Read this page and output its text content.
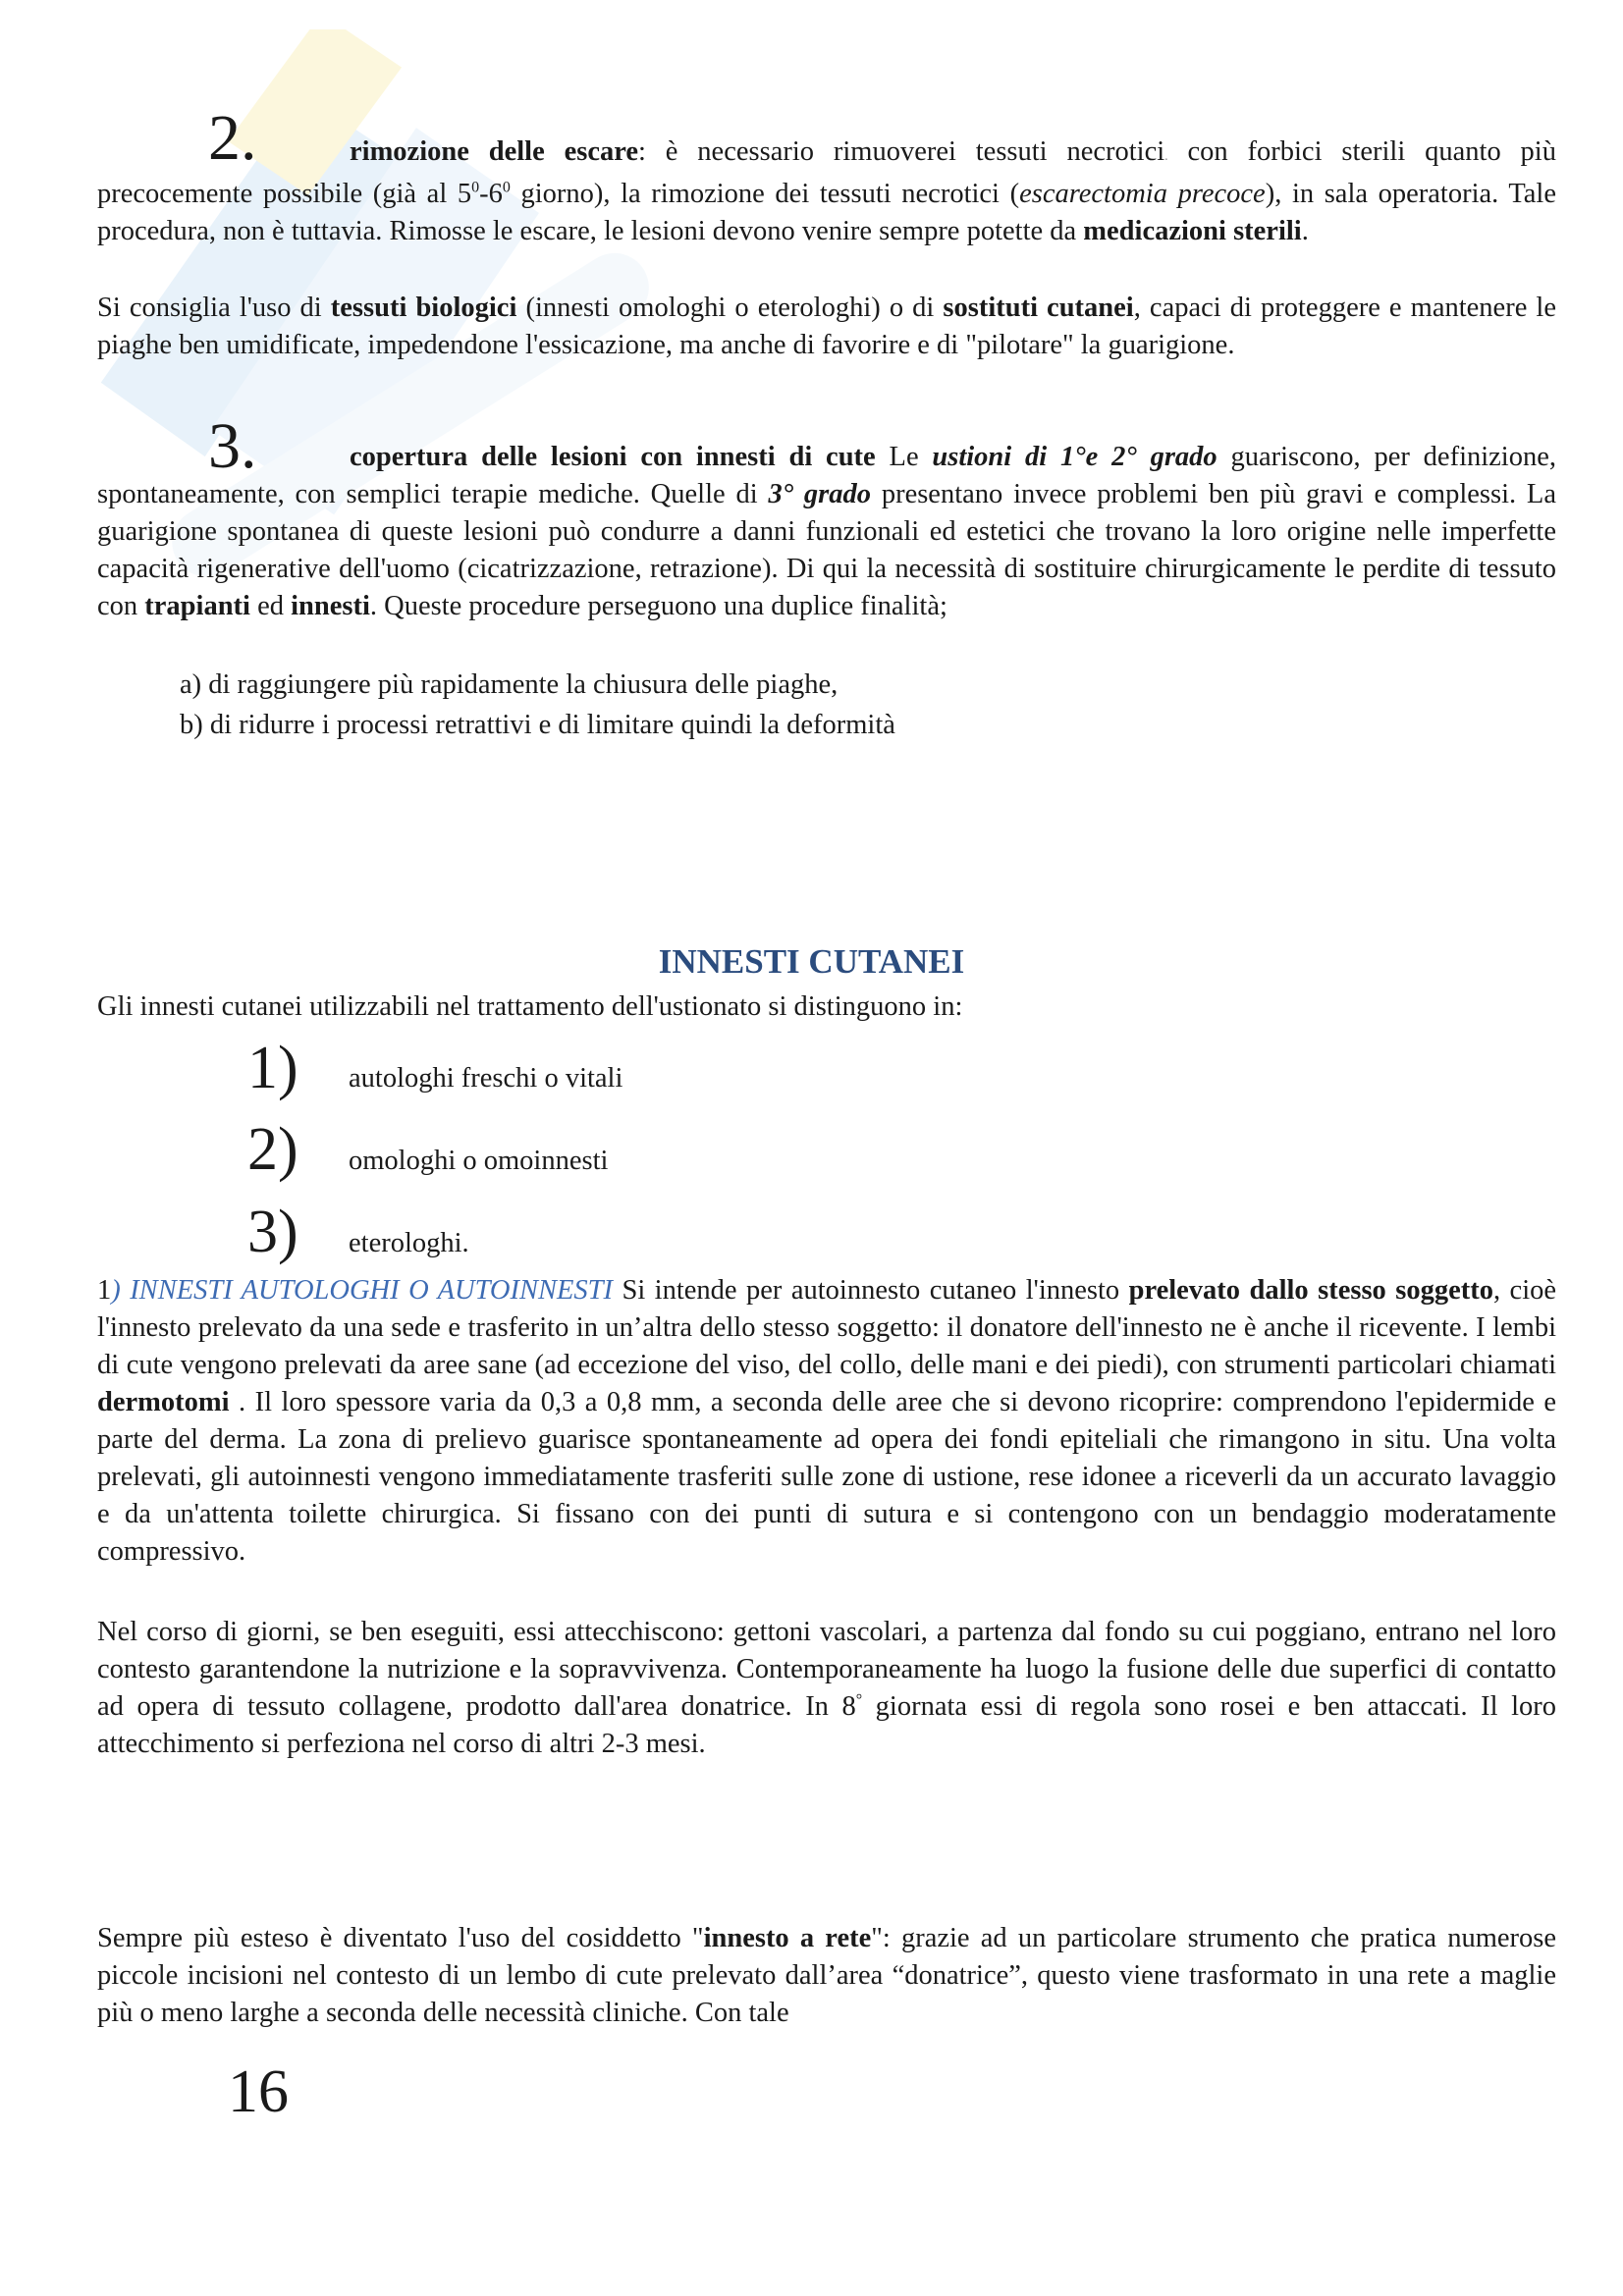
2.	rimozione delle escare: è necessario rimuoverei tessuti necrotici. con forbici sterili quanto più precocemente possibile (già al $5^0-6^0$ giorno), la rimozione dei tessuti necrotici (escarectomia precoce), in sala operatoria. Tale procedura, non è tuttavia. Rimosse le escare, le lesioni devono venire sempre potette da medicazioni sterili.
Si consiglia l'uso di tessuti biologici (innesti omologhi o eterologhi) o di sostituti cutanei, capaci di proteggere e mantenere le piaghe ben umidificate, impedendone l'essicazione, ma anche di favorire e di "pilotare" la guarigione.
3.	copertura delle lesioni con innesti di cute Le ustioni di 1°e 2° grado guariscono, per definizione, spontaneamente, con semplici terapie mediche. Quelle di 3° grado presentano invece problemi ben più gravi e complessi. La guarigione spontanea di queste lesioni può condurre a danni funzionali ed estetici che trovano la loro origine nelle imperfette capacità rigenerative dell'uomo (cicatrizzazione, retrazione). Di qui la necessità di sostituire chirurgicamente le perdite di tessuto con trapianti ed innesti. Queste procedure perseguono una duplice finalità;
a) di raggiungere più rapidamente la chiusura delle piaghe,
b) di ridurre i processi retrattivi e di limitare quindi la deformità
INNESTI CUTANEI
Gli innesti cutanei utilizzabili nel trattamento dell'ustionato si distinguono in:
1) autologhi freschi o vitali
2) omologhi o omoinnesti
3) eterologhi.
1) INNESTI AUTOLOGHI O AUTOINNESTI Si intende per autoinnesto cutaneo l'innesto prelevato dallo stesso soggetto, cioè l'innesto prelevato da una sede e trasferito in un’altra dello stesso soggetto: il donatore dell'innesto ne è anche il ricevente. I lembi di cute vengono prelevati da aree sane (ad eccezione del viso, del collo, delle mani e dei piedi), con strumenti particolari chiamati dermotomi . Il loro spessore varia da 0,3 a 0,8 mm, a seconda delle aree che si devono ricoprire: comprendono l'epidermide e parte del derma. La zona di prelievo guarisce spontaneamente ad opera dei fondi epiteliali che rimangono in situ. Una volta prelevati, gli autoinnesti vengono immediatamente trasferiti sulle zone di ustione, rese idonee a riceverli da un accurato lavaggio e da un'attenta toilette chirurgica. Si fissano con dei punti di sutura e si contengono con un bendaggio moderatamente compressivo.
Nel corso di giorni, se ben eseguiti, essi attecchiscono: gettoni vascolari, a partenza dal fondo su cui poggiano, entrano nel loro contesto garantendone la nutrizione e la sopravvivenza. Contemporaneamente ha luogo la fusione delle due superfici di contatto ad opera di tessuto collagene, prodotto dall'area donatrice. In 8° giornata essi di regola sono rosei e ben attaccati. Il loro attecchimento si perfeziona nel corso di altri 2-3 mesi.
Sempre più esteso è diventato l'uso del cosiddetto "innesto a rete": grazie ad un particolare strumento che pratica numerose piccole incisioni nel contesto di un lembo di cute prelevato dall’area “donatrice”, questo viene trasformato in una rete a maglie più o meno larghe a seconda delle necessità cliniche. Con tale
16
